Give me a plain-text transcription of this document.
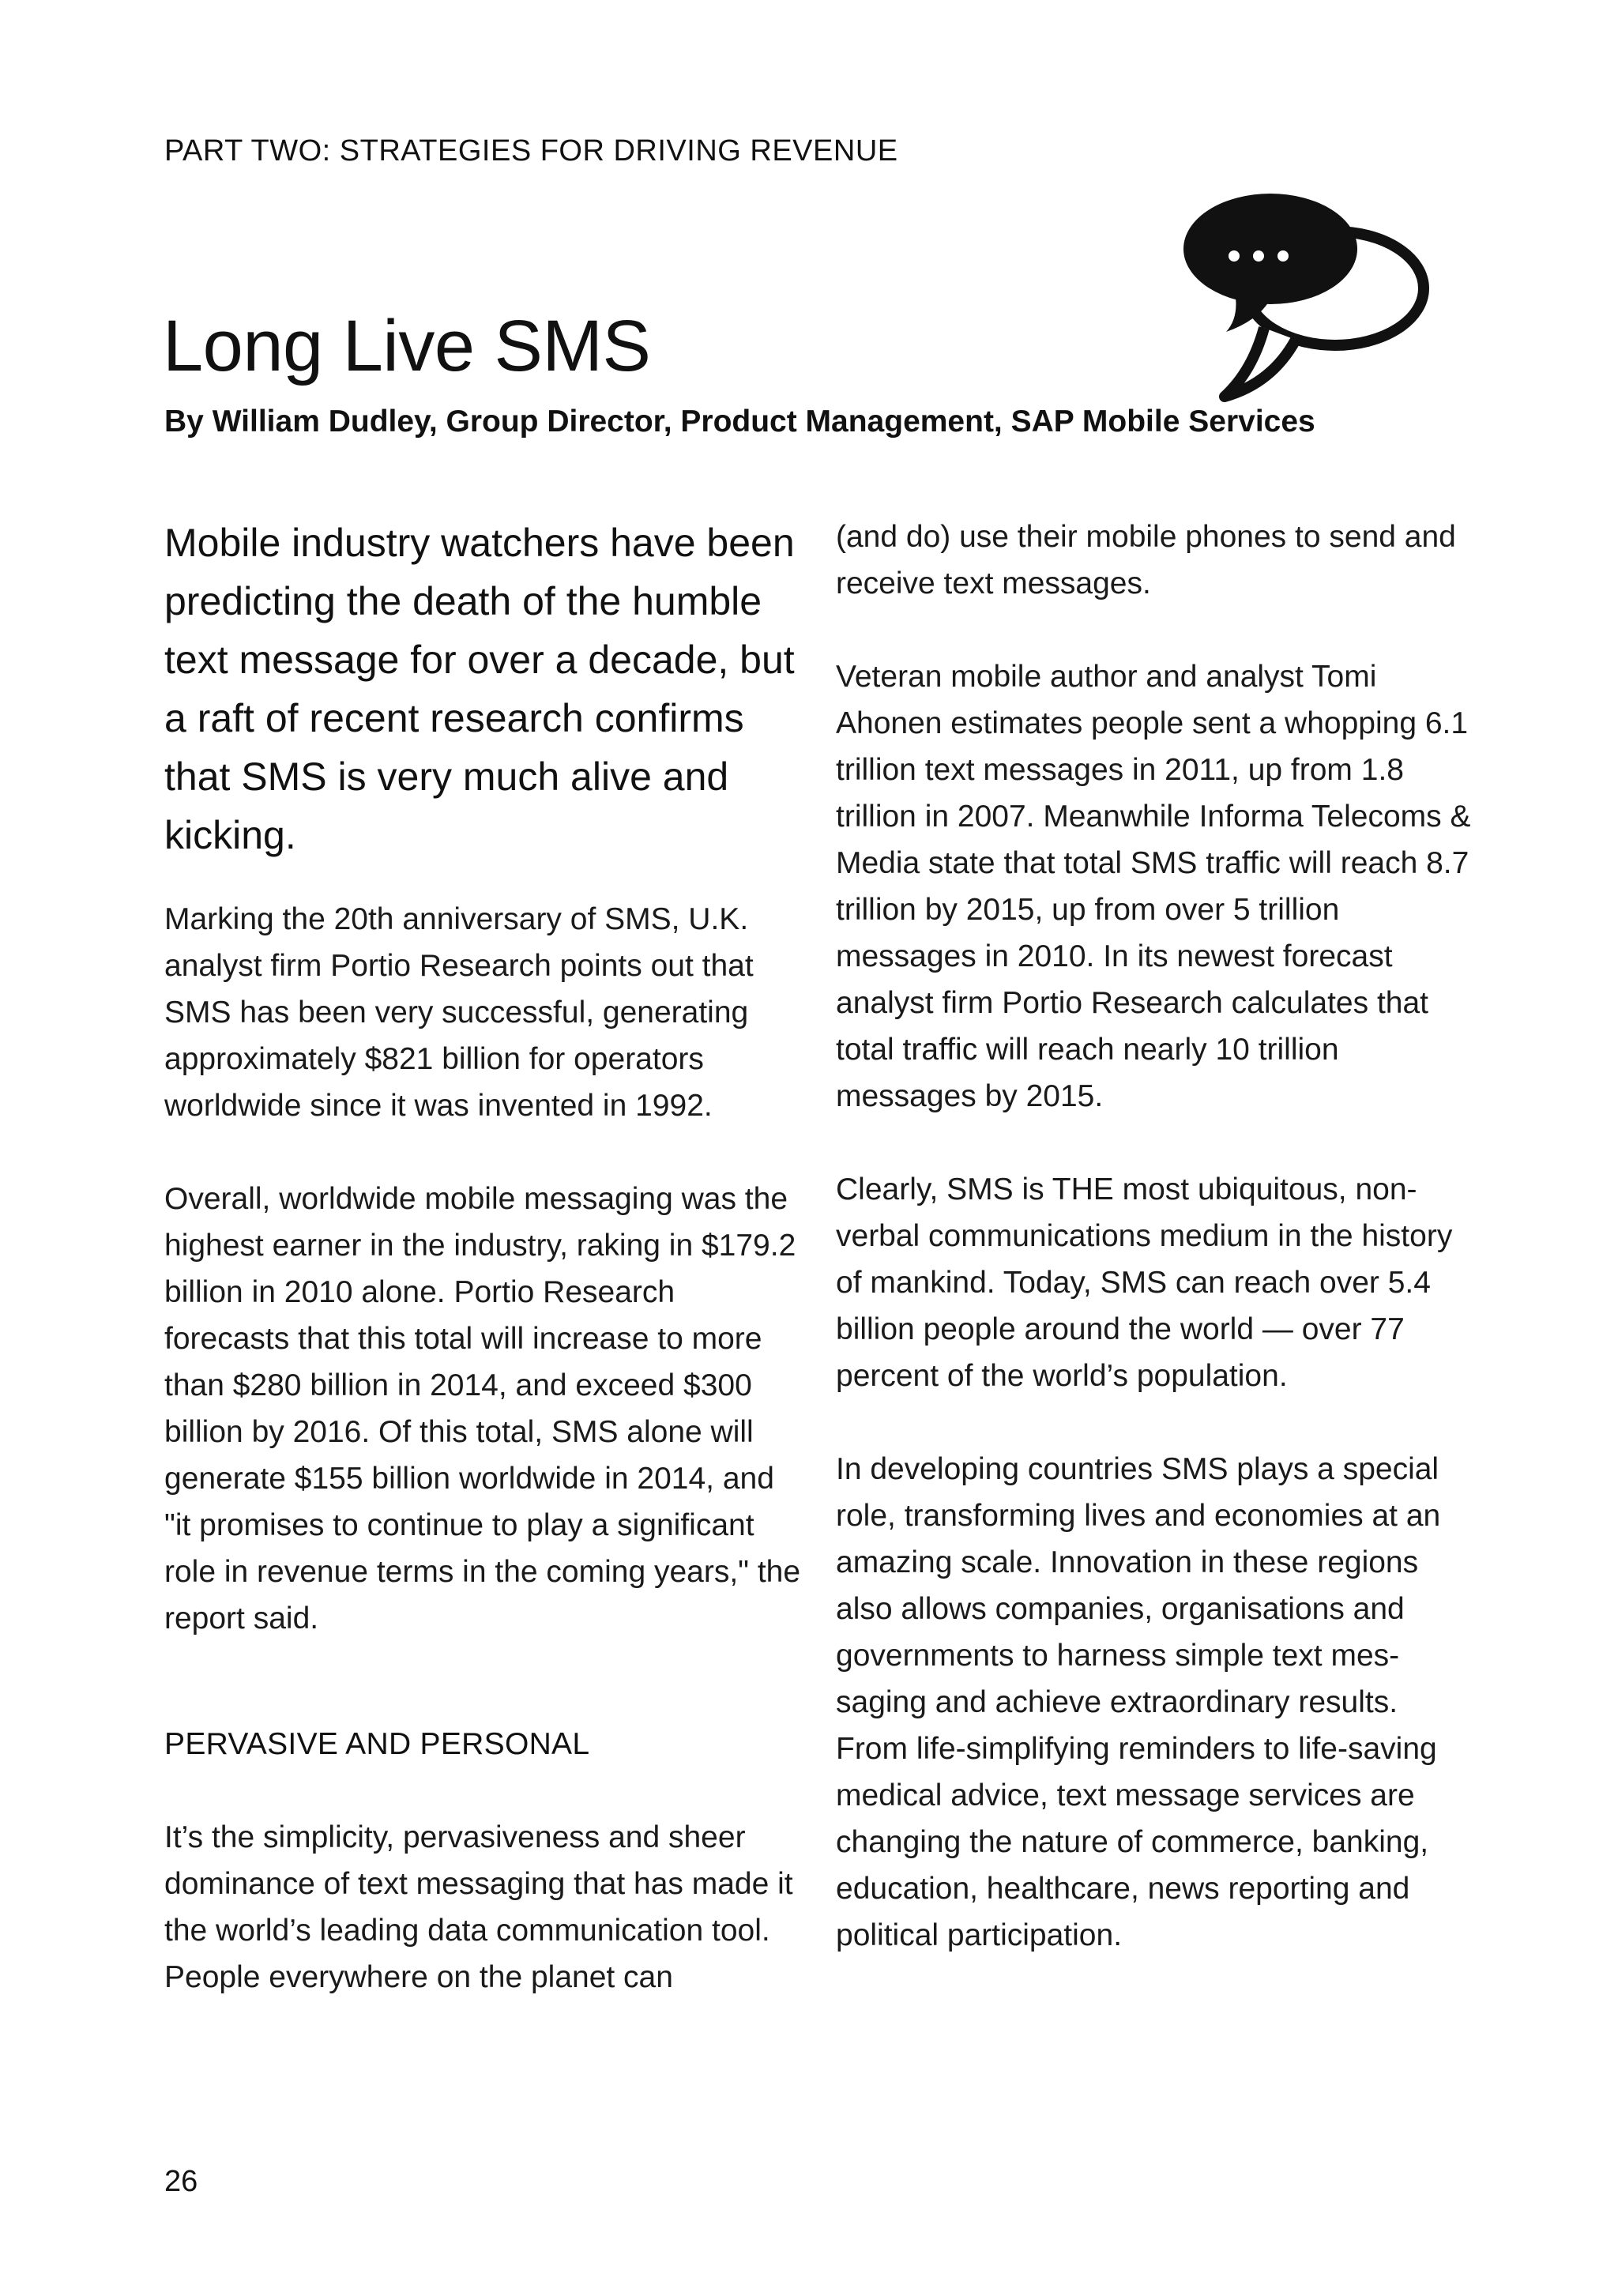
PART TWO: STRATEGIES FOR DRIVING REVENUE
Long Live SMS

By William Dudley, Group Director, Product Management, SAP Mobile Services

Mobile industry watchers have been predicting the death of the humble text message for over a decade, but a raft of recent research confirms that SMS is very much alive and kicking.

Marking the 20th anniversary of SMS, U.K. analyst firm Portio Research points out that SMS has been very successful, generating approximately $821 billion for operators worldwide since it was invented in 1992.

Overall, worldwide mobile messaging was the highest earner in the industry, raking in $179.2 billion in 2010 alone. Portio Research forecasts that this total will increase to more than $280 billion in 2014, and exceed $300 billion by 2016. Of this total, SMS alone will generate $155 billion worldwide in 2014, and "it promises to continue to play a significant role in revenue terms in the coming years," the report said.

PERVASIVE AND PERSONAL

It’s the simplicity, pervasiveness and sheer dominance of text messaging that has made it the world’s leading data communication tool. People everywhere on the planet can

(and do) use their mobile phones to send and receive text messages.

Veteran mobile author and analyst Tomi Ahonen estimates people sent a whopping 6.1 trillion text messages in 2011, up from 1.8 trillion in 2007. Meanwhile Informa Telecoms & Media state that total SMS traffic will reach 8.7 trillion by 2015, up from over 5 trillion messages in 2010. In its newest forecast analyst firm Portio Research calculates that total traffic will reach nearly 10 trillion messages by 2015.

Clearly, SMS is THE most ubiquitous, non-verbal communications medium in the history of mankind. Today, SMS can reach over 5.4 billion people around the world — over 77 percent of the world’s population.

In developing countries SMS plays a special role, transforming lives and economies at an amazing scale. Innovation in these regions also allows companies, organisations and governments to harness simple text mes-saging and achieve extraordinary results. From life-simplifying reminders to life-saving medical advice, text message services are changing the nature of commerce, banking, education, healthcare, news reporting and political participation.

26
